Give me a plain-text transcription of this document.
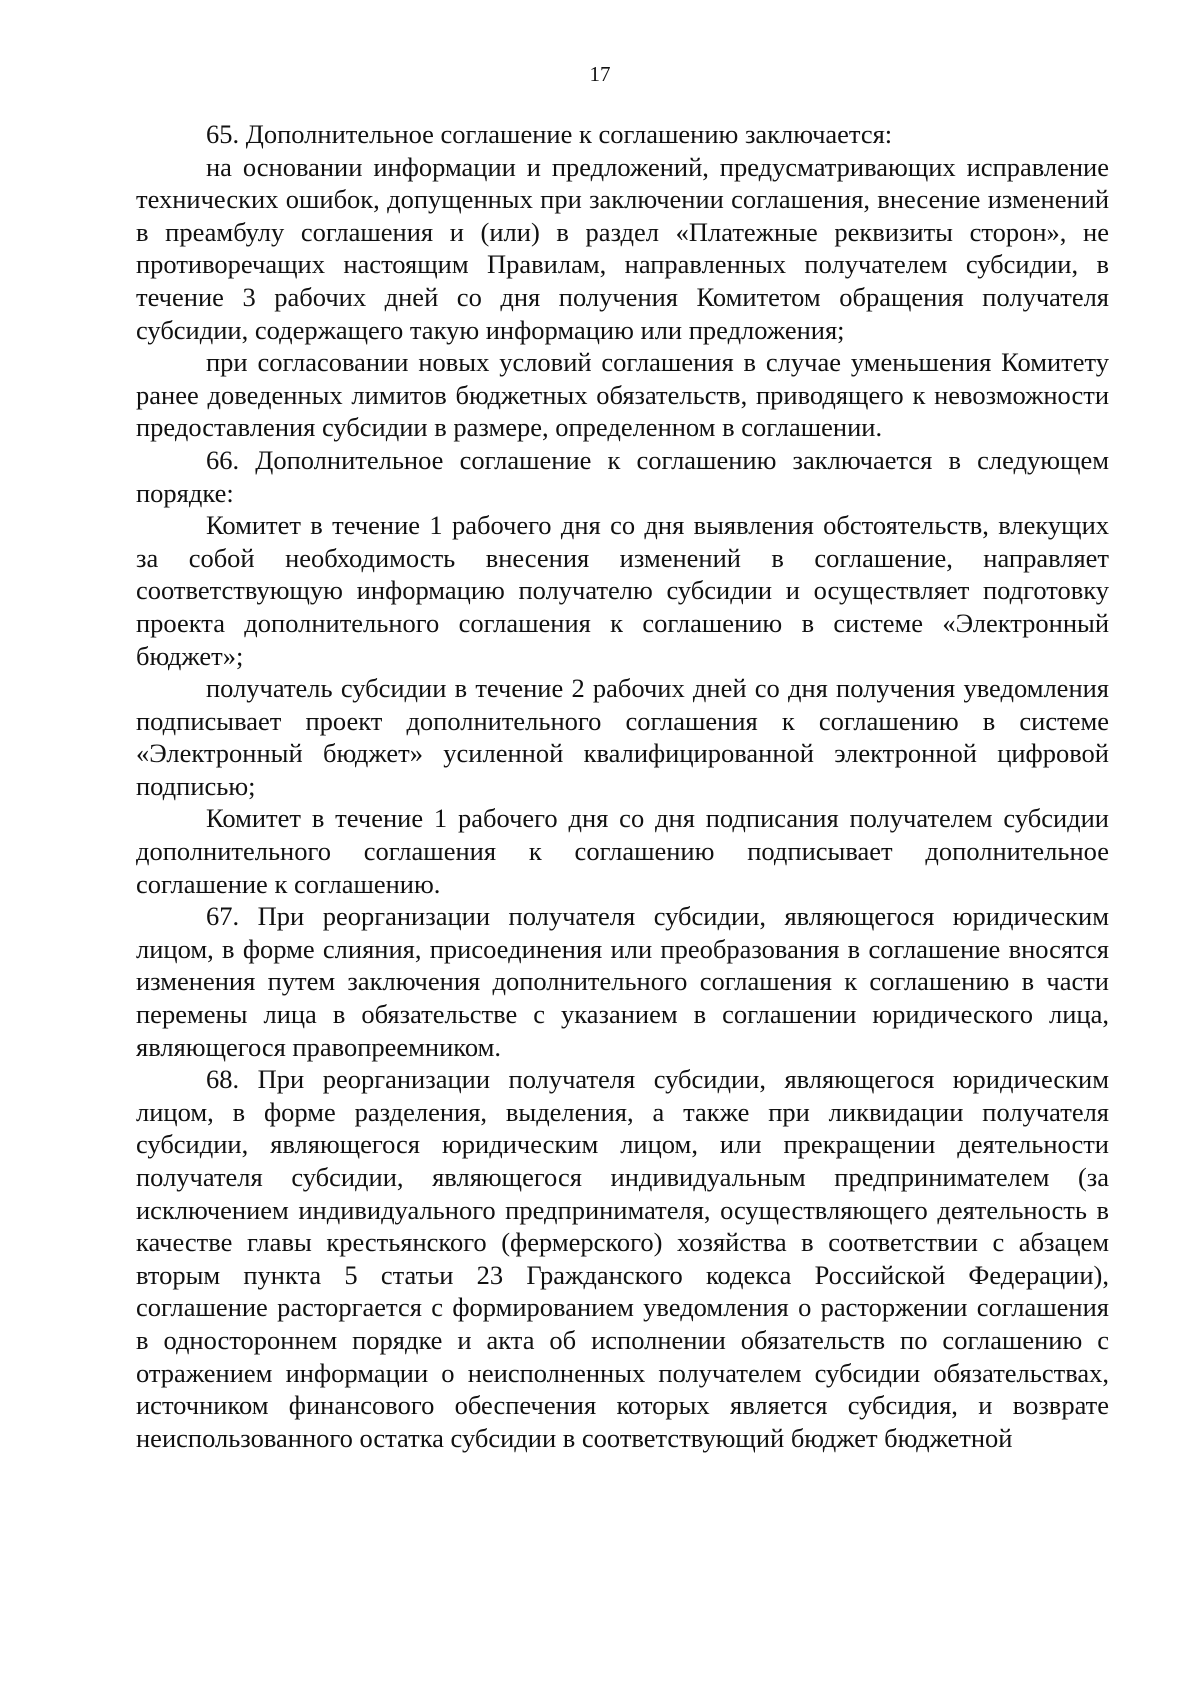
17

65. Дополнительное соглашение к соглашению заключается:

на основании информации и предложений, предусматривающих исправление технических ошибок, допущенных при заключении соглашения, внесение изменений в преамбулу соглашения и (или) в раздел «Платежные реквизиты сторон», не противоречащих настоящим Правилам, направленных получателем субсидии, в течение 3 рабочих дней со дня получения Комитетом обращения получателя субсидии, содержащего такую информацию или предложения;

при согласовании новых условий соглашения в случае уменьшения Комитету ранее доведенных лимитов бюджетных обязательств, приводящего к невозможности предоставления субсидии в размере, определенном в соглашении.

66. Дополнительное соглашение к соглашению заключается в следующем порядке:

Комитет в течение 1 рабочего дня со дня выявления обстоятельств, влекущих за собой необходимость внесения изменений в соглашение, направляет соответствующую информацию получателю субсидии и осуществляет подготовку проекта дополнительного соглашения к соглашению в системе «Электронный бюджет»;

получатель субсидии в течение 2 рабочих дней со дня получения уведомления подписывает проект дополнительного соглашения к соглашению в системе «Электронный бюджет» усиленной квалифицированной электронной цифровой подписью;

Комитет в течение 1 рабочего дня со дня подписания получателем субсидии дополнительного соглашения к соглашению подписывает дополнительное соглашение к соглашению.

67. При реорганизации получателя субсидии, являющегося юридическим лицом, в форме слияния, присоединения или преобразования в соглашение вносятся изменения путем заключения дополнительного соглашения к соглашению в части перемены лица в обязательстве с указанием в соглашении юридического лица, являющегося правопреемником.

68. При реорганизации получателя субсидии, являющегося юридическим лицом, в форме разделения, выделения, а также при ликвидации получателя субсидии, являющегося юридическим лицом, или прекращении деятельности получателя субсидии, являющегося индивидуальным предпринимателем (за исключением индивидуального предпринимателя, осуществляющего деятельность в качестве главы крестьянского (фермерского) хозяйства в соответствии с абзацем вторым пункта 5 статьи 23 Гражданского кодекса Российской Федерации), соглашение расторгается с формированием уведомления о расторжении соглашения в одностороннем порядке и акта об исполнении обязательств по соглашению с отражением информации о неисполненных получателем субсидии обязательствах, источником финансового обеспечения которых является субсидия, и возврате неиспользованного остатка субсидии в соответствующий бюджет бюджетной
